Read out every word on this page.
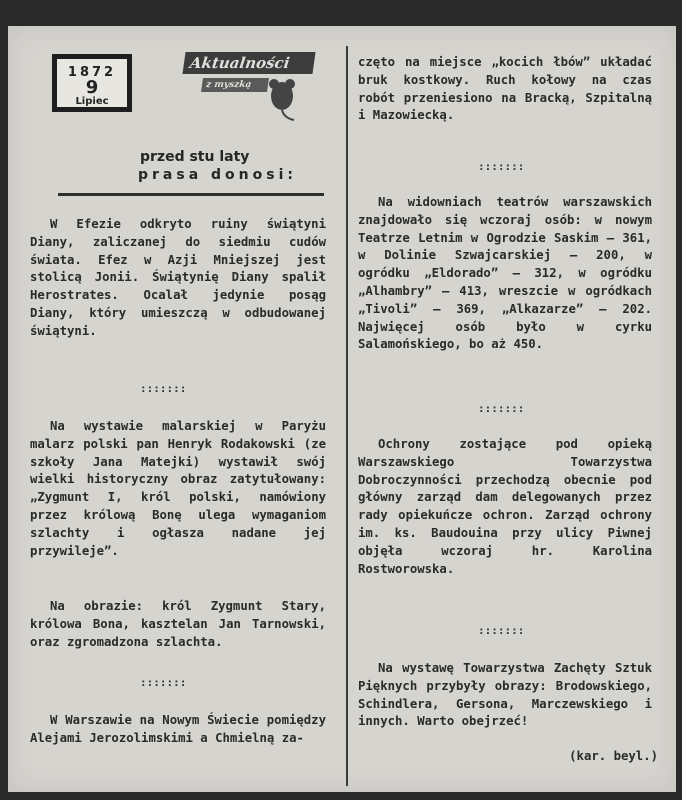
1872
9
Lipiec
Aktualności
z myszką
przed stu laty
prasa donosi:

W Efezie odkryto ruiny świątyni Diany, zaliczanej do siedmiu cudów świata. Efez w Azji Mniejszej jest stolicą Jonii. Świątynię Diany spalił Herostrates. Ocalał jedynie posąg Diany, który umieszczą w odbudowanej świątyni.

:::::::

Na wystawie malarskiej w Paryżu malarz polski pan Henryk Rodakowski (ze szkoły Jana Matejki) wystawił swój wielki historyczny obraz zatytułowany: „Zygmunt I, król polski, namówiony przez królową Bonę ulega wymaganiom szlachty i ogłasza nadane jej przywileje”.

Na obrazie: król Zygmunt Stary, królowa Bona, kasztelan Jan Tarnowski, oraz zgromadzona szlachta.

:::::::

W Warszawie na Nowym Świecie pomiędzy Alejami Jerozolimskimi a Chmielną za-

częto na miejsce „kocich łbów” układać bruk kostkowy. Ruch kołowy na czas robót przeniesiono na Bracką, Szpitalną i Mazowiecką.

:::::::

Na widowniach teatrów warszawskich znajdowało się wczoraj osób: w nowym Teatrze Letnim w Ogrodzie Saskim — 361, w Dolinie Szwajcarskiej — 200, w ogródku „Eldorado” — 312, w ogródku „Alhambry” — 413, wreszcie w ogródkach „Tivoli” — 369, „Alkazarze” — 202. Najwięcej osób było w cyrku Salamońskiego, bo aż 450.

:::::::

Ochrony zostające pod opieką Warszawskiego Towarzystwa Dobroczynności przechodzą obecnie pod główny zarząd dam delegowanych przez rady opiekuńcze ochron. Zarząd ochrony im. ks. Baudouina przy ulicy Piwnej objęła wczoraj hr. Karolina Rostworowska.

:::::::

Na wystawę Towarzystwa Zachęty Sztuk Pięknych przybyły obrazy: Brodowskiego, Schindlera, Gersona, Marczewskiego i innych. Warto obejrzeć!

(kar. beyl.)
